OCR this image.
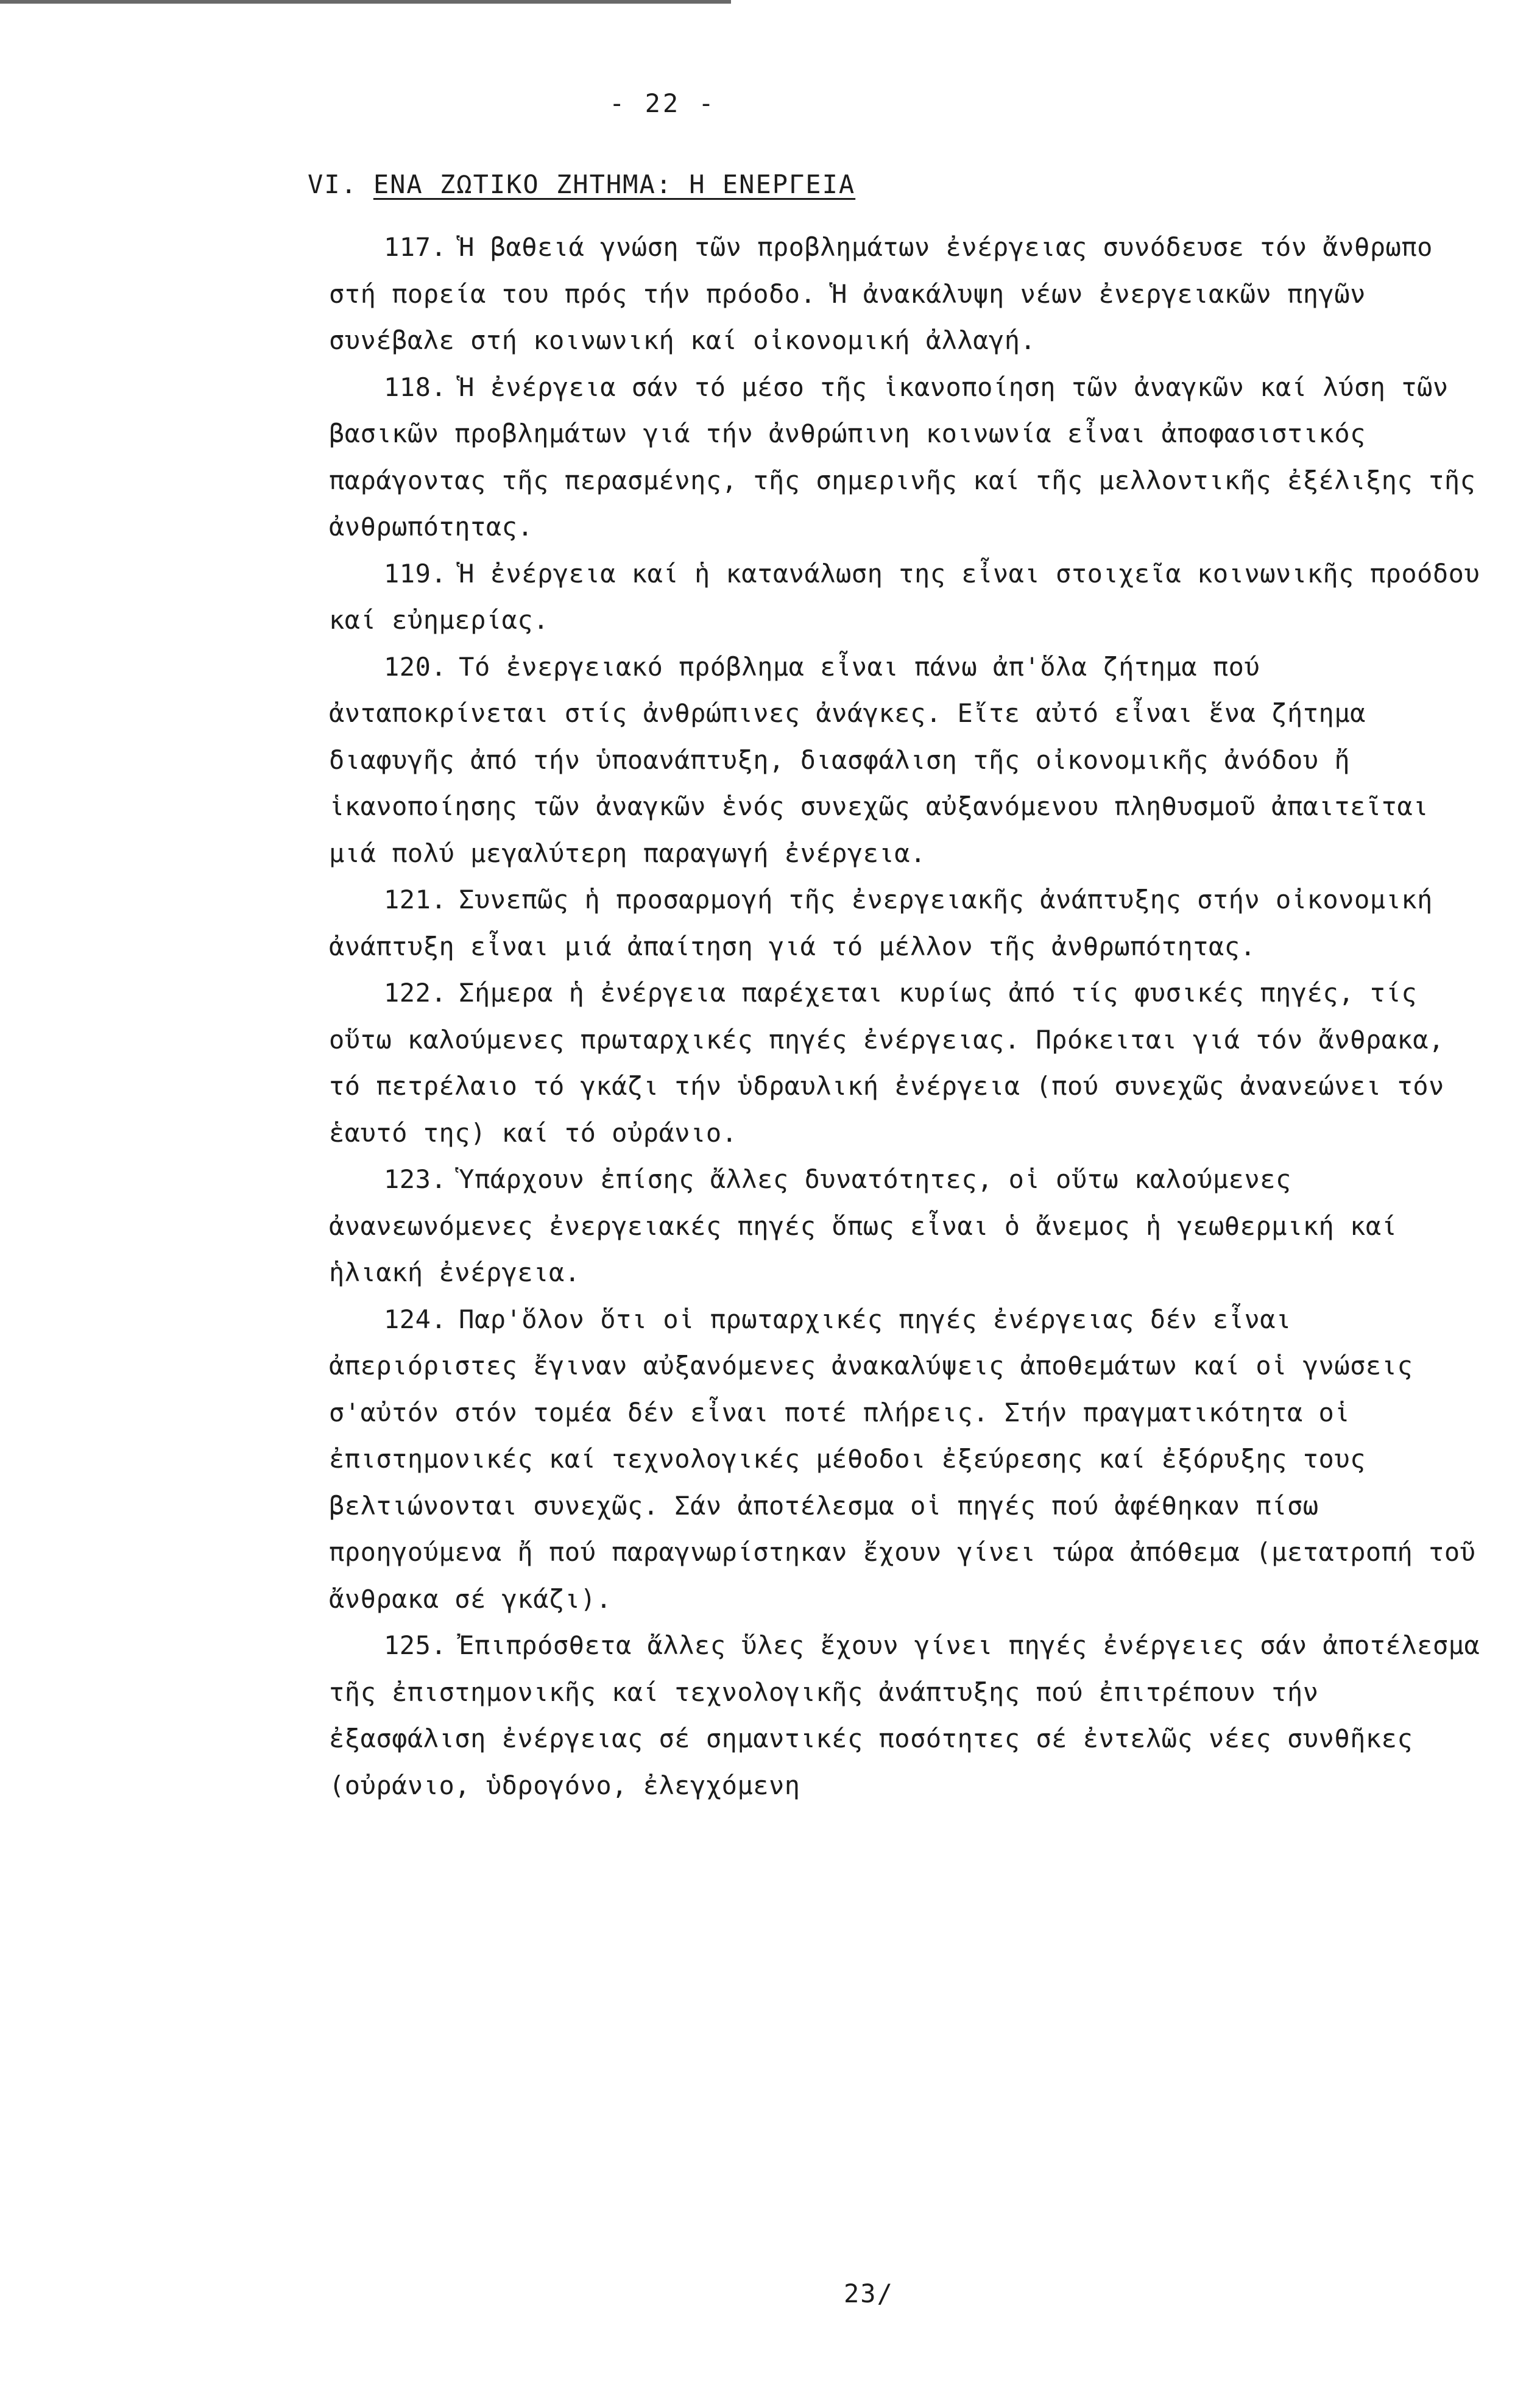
- 22 -
VI. ΕΝΑ ΖΩΤΙΚΟ ΖΗΤΗΜΑ: Η ΕΝΕΡΓΕΙΑ

117. Ἡ βαθειά γνώση τῶν προβλημάτων ἐνέργειας συνόδευσε τόν ἄνθρωπο στή πορεία του πρός τήν πρόοδο. Ἡ ἀνακάλυψη νέων ἐνεργειακῶν πηγῶν συνέβαλε στή κοινωνική καί οἰκονομική ἀλλαγή.

118. Ἡ ἐνέργεια σάν τό μέσο τῆς ἱκανοποίηση τῶν ἀναγκῶν καί λύση τῶν βασικῶν προβλημάτων γιά τήν ἀνθρώπινη κοινωνία εἶναι ἀποφασιστικός παράγοντας τῆς περασμένης, τῆς σημερινῆς καί τῆς μελλοντικῆς ἐξέλιξης τῆς ἀνθρωπότητας.

119. Ἡ ἐνέργεια καί ἡ κατανάλωση της εἶναι στοιχεῖα κοινωνικῆς προόδου καί εὐημερίας.

120. Τό ἐνεργειακό πρόβλημα εἶναι πάνω ἀπ'ὅλα ζήτημα πού ἀνταποκρίνεται στίς ἀνθρώπινες ἀνάγκες. Εἴτε αὐτό εἶναι ἕνα ζήτημα διαφυγῆς ἀπό τήν ὑποανάπτυξη, διασφάλιση τῆς οἰκονομικῆς ἀνόδου ἤ ἱκανοποίησης τῶν ἀναγκῶν ἑνός συνεχῶς αὐξανόμενου πληθυσμοῦ ἀπαιτεῖται μιά πολύ μεγαλύτερη παραγωγή ἐνέργεια.

121. Συνεπῶς ἡ προσαρμογή τῆς ἐνεργειακῆς ἀνάπτυξης στήν οἰκονομική ἀνάπτυξη εἶναι μιά ἀπαίτηση γιά τό μέλλον τῆς ἀνθρωπότητας.

122. Σήμερα ἡ ἐνέργεια παρέχεται κυρίως ἀπό τίς φυσικές πηγές, τίς οὕτω καλούμενες πρωταρχικές πηγές ἐνέργειας. Πρόκειται γιά τόν ἄνθρακα, τό πετρέλαιο τό γκάζι τήν ὑδραυλική ἐνέργεια (πού συνεχῶς ἀνανεώνει τόν ἑαυτό της) καί τό οὐράνιο.

123. Ὑπάρχουν ἐπίσης ἄλλες δυνατότητες, οἱ οὕτω καλούμενες ἀνανεωνόμενες ἐνεργειακές πηγές ὅπως εἶναι ὁ ἄνεμος ἡ γεωθερμική καί ἡλιακή ἐνέργεια.

124. Παρ'ὅλον ὅτι οἱ πρωταρχικές πηγές ἐνέργειας δέν εἶναι ἀπεριόριστες ἔγιναν αὐξανόμενες ἀνακαλύψεις ἀποθεμάτων καί οἱ γνώσεις σ'αὐτόν στόν τομέα δέν εἶναι ποτέ πλήρεις. Στήν πραγματικότητα οἱ ἐπιστημονικές καί τεχνολογικές μέθοδοι ἐξεύρεσης καί ἐξόρυξης τους βελτιώνονται συνεχῶς. Σάν ἀποτέλεσμα οἱ πηγές πού ἀφέθηκαν πίσω προηγούμενα ἤ πού παραγνωρίστηκαν ἔχουν γίνει τώρα ἀπόθεμα (μετατροπή τοῦ ἄνθρακα σέ γκάζι).

125. Ἐπιπρόσθετα ἄλλες ὕλες ἔχουν γίνει πηγές ἐνέργειες σάν ἀποτέλεσμα τῆς ἐπιστημονικῆς καί τεχνολογικῆς ἀνάπτυξης πού ἐπιτρέπουν τήν ἐξασφάλιση ἐνέργειας σέ σημαντικές ποσότητες σέ ἐντελῶς νέες συνθῆκες (οὐράνιο, ὑδρογόνο, ἐλεγχόμενη

23/
